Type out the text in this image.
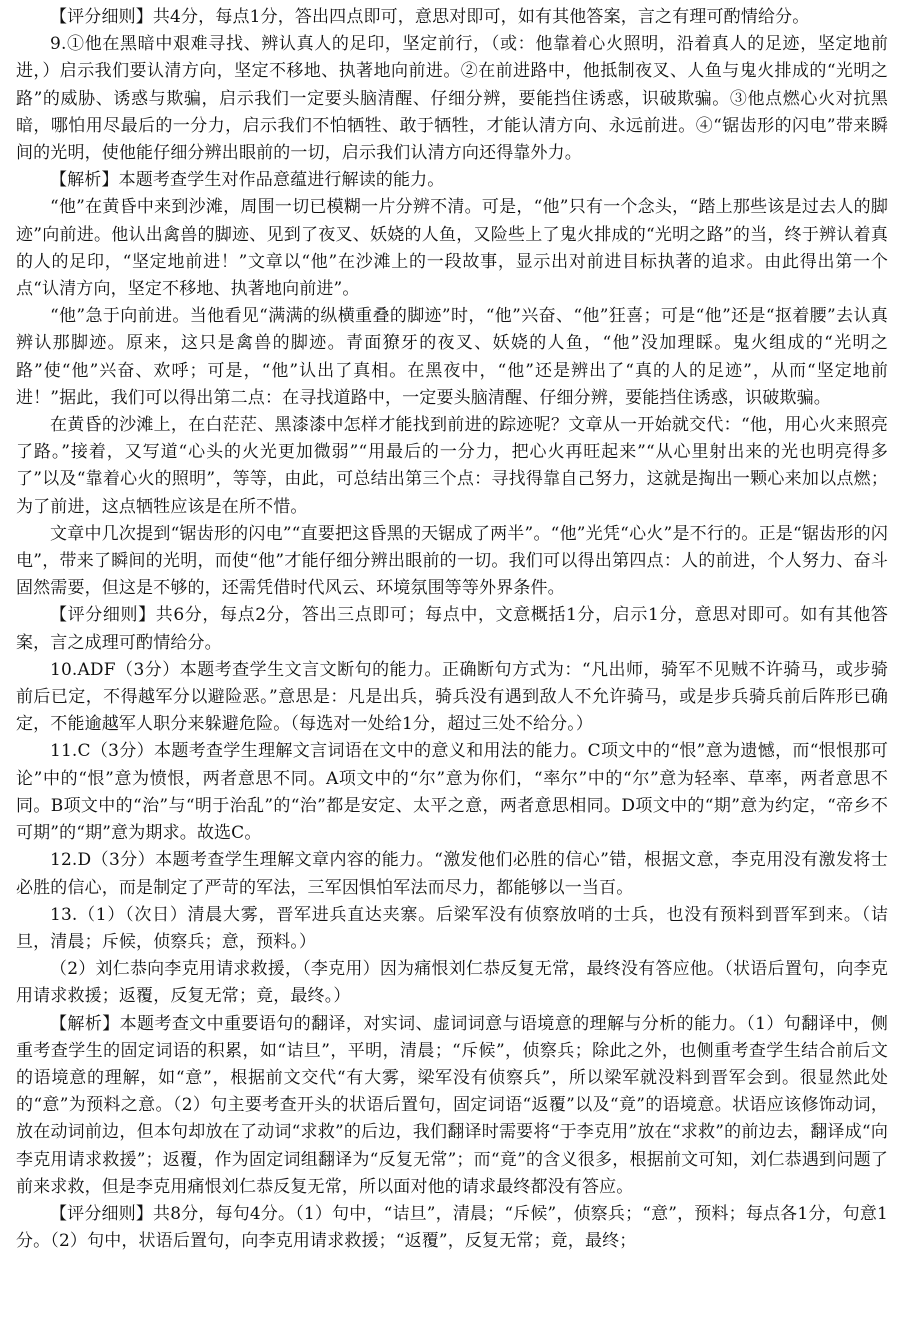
【评分细则】共4分，每点1分，答出四点即可，意思对即可，如有其他答案，言之有理可酌情给分。

9.①他在黑暗中艰难寻找、辨认真人的足印，坚定前行，（或：他靠着心火照明，沿着真人的足迹，坚定地前进，）启示我们要认清方向，坚定不移地、执著地向前进。②在前进路中，他抵制夜叉、人鱼与鬼火排成的“光明之路”的威胁、诱惑与欺骗，启示我们一定要头脑清醒、仔细分辨，要能挡住诱惑，识破欺骗。③他点燃心火对抗黑暗，哪怕用尽最后的一分力，启示我们不怕牺牲、敢于牺牲，才能认清方向、永远前进。④“锯齿形的闪电”带来瞬间的光明，使他能仔细分辨出眼前的一切，启示我们认清方向还得靠外力。

【解析】本题考查学生对作品意蕴进行解读的能力。

“他”在黄昏中来到沙滩，周围一切已模糊一片分辨不清。可是，“他”只有一个念头，“踏上那些该是过去人的脚迹”向前进。他认出禽兽的脚迹、见到了夜叉、妖娆的人鱼，又险些上了鬼火排成的“光明之路”的当，终于辨认着真的人的足印，“坚定地前进！”文章以“他”在沙滩上的一段故事，显示出对前进目标执著的追求。由此得出第一个点“认清方向，坚定不移地、执著地向前进”。

“他”急于向前进。当他看见“满满的纵横重叠的脚迹”时，“他”兴奋、“他”狂喜；可是“他”还是“抠着腰”去认真辨认那脚迹。原来，这只是禽兽的脚迹。青面獠牙的夜叉、妖娆的人鱼，“他”没加理睬。鬼火组成的“光明之路”使“他”兴奋、欢呼；可是，“他”认出了真相。在黑夜中，“他”还是辨出了“真的人的足迹”，从而“坚定地前进！”据此，我们可以得出第二点：在寻找道路中，一定要头脑清醒、仔细分辨，要能挡住诱惑，识破欺骗。

在黄昏的沙滩上，在白茫茫、黑漆漆中怎样才能找到前进的踪迹呢？文章从一开始就交代：“他，用心火来照亮了路。”接着，又写道“心头的火光更加微弱”“用最后的一分力，把心火再旺起来”“从心里射出来的光也明亮得多了”以及“靠着心火的照明”，等等，由此，可总结出第三个点：寻找得靠自己努力，这就是掏出一颗心来加以点燃；为了前进，这点牺牲应该是在所不惜。

文章中几次提到“锯齿形的闪电”“直要把这昏黑的天锯成了两半”。“他”光凭“心火”是不行的。正是“锯齿形的闪电”，带来了瞬间的光明，而使“他”才能仔细分辨出眼前的一切。我们可以得出第四点：人的前进，个人努力、奋斗固然需要，但这是不够的，还需凭借时代风云、环境氛围等等外界条件。

【评分细则】共6分，每点2分，答出三点即可；每点中，文意概括1分，启示1分，意思对即可。如有其他答案，言之成理可酌情给分。

10.ADF（3分）本题考查学生文言文断句的能力。正确断句方式为：“凡出师，骑军不见贼不许骑马，或步骑前后已定，不得越军分以避险恶。”意思是：凡是出兵，骑兵没有遇到敌人不允许骑马，或是步兵骑兵前后阵形已确定，不能逾越军人职分来躲避危险。（每选对一处给1分，超过三处不给分。）

11.C（3分）本题考查学生理解文言词语在文中的意义和用法的能力。C项文中的“恨”意为遗憾，而“恨恨那可论”中的“恨”意为愤恨，两者意思不同。A项文中的“尔”意为你们，“率尔”中的“尔”意为轻率、草率，两者意思不同。B项文中的“治”与“明于治乱”的“治”都是安定、太平之意，两者意思相同。D项文中的“期”意为约定，“帝乡不可期”的“期”意为期求。故选C。

12.D（3分）本题考查学生理解文章内容的能力。“激发他们必胜的信心”错，根据文意，李克用没有激发将士必胜的信心，而是制定了严苛的军法，三军因惧怕军法而尽力，都能够以一当百。

13.（1）（次日）清晨大雾，晋军进兵直达夹寨。后梁军没有侦察放哨的士兵，也没有预料到晋军到来。（诘旦，清晨；斥候，侦察兵；意，预料。）

（2）刘仁恭向李克用请求救援，（李克用）因为痛恨刘仁恭反复无常，最终没有答应他。（状语后置句，向李克用请求救援；返覆，反复无常；竟，最终。）

【解析】本题考查文中重要语句的翻译，对实词、虚词词意与语境意的理解与分析的能力。（1）句翻译中，侧重考查学生的固定词语的积累，如“诘旦”，平明，清晨；“斥候”，侦察兵；除此之外，也侧重考查学生结合前后文的语境意的理解，如“意”，根据前文交代“有大雾，梁军没有侦察兵”，所以梁军就没料到晋军会到。很显然此处的“意”为预料之意。（2）句主要考查开头的状语后置句，固定词语“返覆”以及“竟”的语境意。状语应该修饰动词，放在动词前边，但本句却放在了动词“求救”的后边，我们翻译时需要将“于李克用”放在“求救”的前边去，翻译成“向李克用请求救援”；返覆，作为固定词组翻译为“反复无常”；而“竟”的含义很多，根据前文可知，刘仁恭遇到问题了前来求救，但是李克用痛恨刘仁恭反复无常，所以面对他的请求最终都没有答应。

【评分细则】共8分，每句4分。（1）句中，“诘旦”，清晨；“斥候”，侦察兵；“意”，预料；每点各1分，句意1分。（2）句中，状语后置句，向李克用请求救援；“返覆”，反复无常；竟，最终；
